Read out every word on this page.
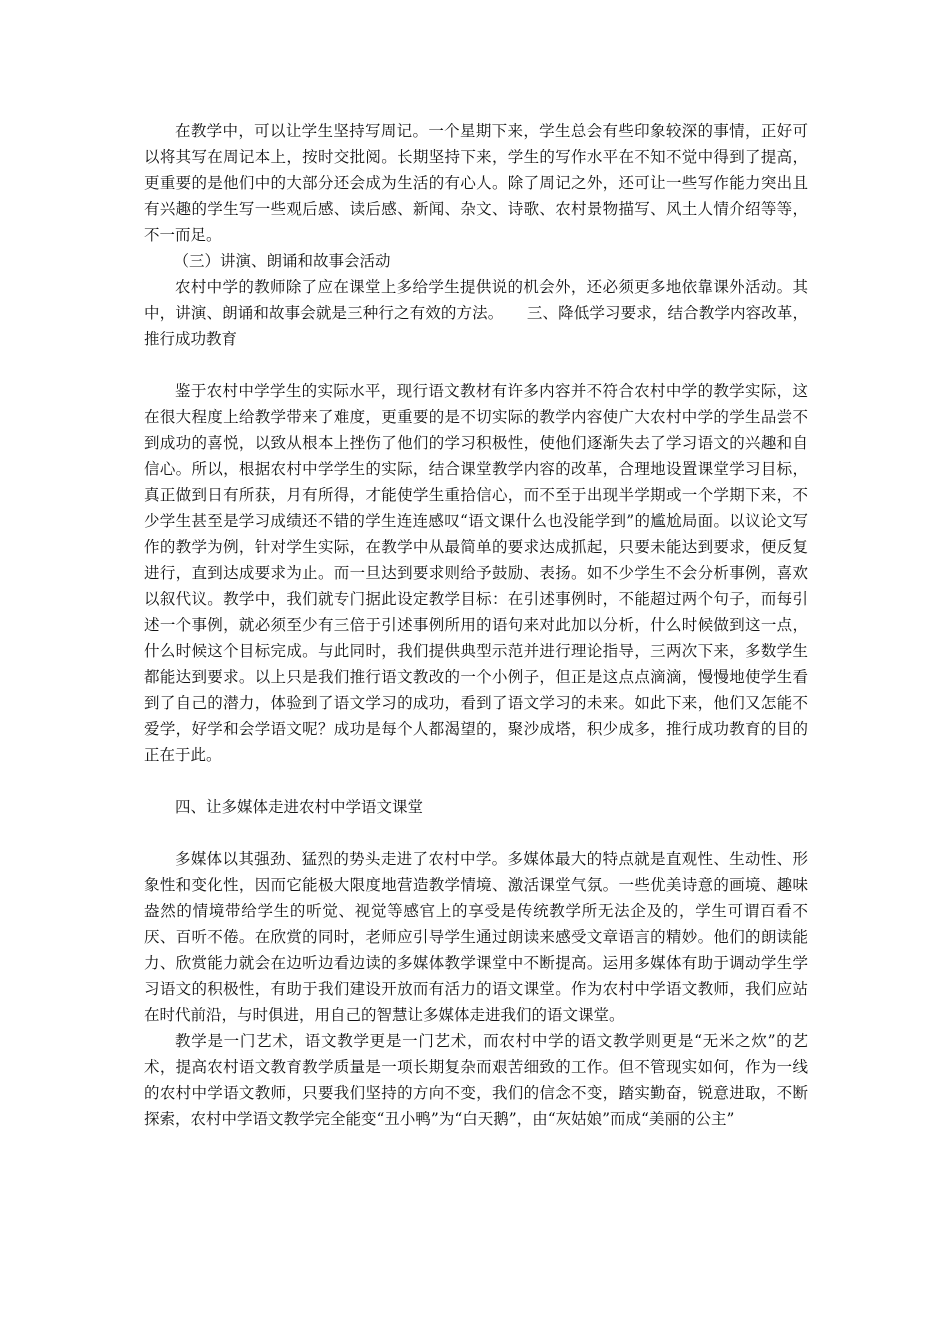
在教学中，可以让学生坚持写周记。一个星期下来，学生总会有些印象较深的事情，正好可以将其写在周记本上，按时交批阅。长期坚持下来，学生的写作水平在不知不觉中得到了提高，更重要的是他们中的大部分还会成为生活的有心人。除了周记之外，还可让一些写作能力突出且有兴趣的学生写一些观后感、读后感、新闻、杂文、诗歌、农村景物描写、风土人情介绍等等，不一而足。

（三）讲演、朗诵和故事会活动

农村中学的教师除了应在课堂上多给学生提供说的机会外，还必须更多地依靠课外活动。其中，讲演、朗诵和故事会就是三种行之有效的方法。　　三、降低学习要求，结合教学内容改革，推行成功教育

鉴于农村中学学生的实际水平，现行语文教材有许多内容并不符合农村中学的教学实际，这在很大程度上给教学带来了难度，更重要的是不切实际的教学内容使广大农村中学的学生品尝不到成功的喜悦，以致从根本上挫伤了他们的学习积极性，使他们逐渐失去了学习语文的兴趣和自信心。所以，根据农村中学学生的实际，结合课堂教学内容的改革，合理地设置课堂学习目标，真正做到日有所获，月有所得，才能使学生重拾信心，而不至于出现半学期或一个学期下来，不少学生甚至是学习成绩还不错的学生连连感叹“语文课什么也没能学到”的尴尬局面。以议论文写作的教学为例，针对学生实际，在教学中从最简单的要求达成抓起，只要未能达到要求，便反复进行，直到达成要求为止。而一旦达到要求则给予鼓励、表扬。如不少学生不会分析事例，喜欢以叙代议。教学中，我们就专门据此设定教学目标：在引述事例时，不能超过两个句子，而每引述一个事例，就必须至少有三倍于引述事例所用的语句来对此加以分析，什么时候做到这一点，什么时候这个目标完成。与此同时，我们提供典型示范并进行理论指导，三两次下来，多数学生都能达到要求。以上只是我们推行语文教改的一个小例子，但正是这点点滴滴，慢慢地使学生看到了自己的潜力，体验到了语文学习的成功，看到了语文学习的未来。如此下来，他们又怎能不爱学，好学和会学语文呢？成功是每个人都渴望的，聚沙成塔，积少成多，推行成功教育的目的正在于此。

四、让多媒体走进农村中学语文课堂

多媒体以其强劲、猛烈的势头走进了农村中学。多媒体最大的特点就是直观性、生动性、形象性和变化性，因而它能极大限度地营造教学情境、激活课堂气氛。一些优美诗意的画境、趣味盎然的情境带给学生的听觉、视觉等感官上的享受是传统教学所无法企及的，学生可谓百看不厌、百听不倦。在欣赏的同时，老师应引导学生通过朗读来感受文章语言的精妙。他们的朗读能力、欣赏能力就会在边听边看边读的多媒体教学课堂中不断提高。运用多媒体有助于调动学生学习语文的积极性，有助于我们建设开放而有活力的语文课堂。作为农村中学语文教师，我们应站在时代前沿，与时俱进，用自己的智慧让多媒体走进我们的语文课堂。

教学是一门艺术，语文教学更是一门艺术，而农村中学的语文教学则更是“无米之炊”的艺术，提高农村语文教育教学质量是一项长期复杂而艰苦细致的工作。但不管现实如何，作为一线的农村中学语文教师，只要我们坚持的方向不变，我们的信念不变，踏实勤奋，锐意进取，不断探索，农村中学语文教学完全能变“丑小鸭”为“白天鹅”，由“灰姑娘”而成“美丽的公主”
